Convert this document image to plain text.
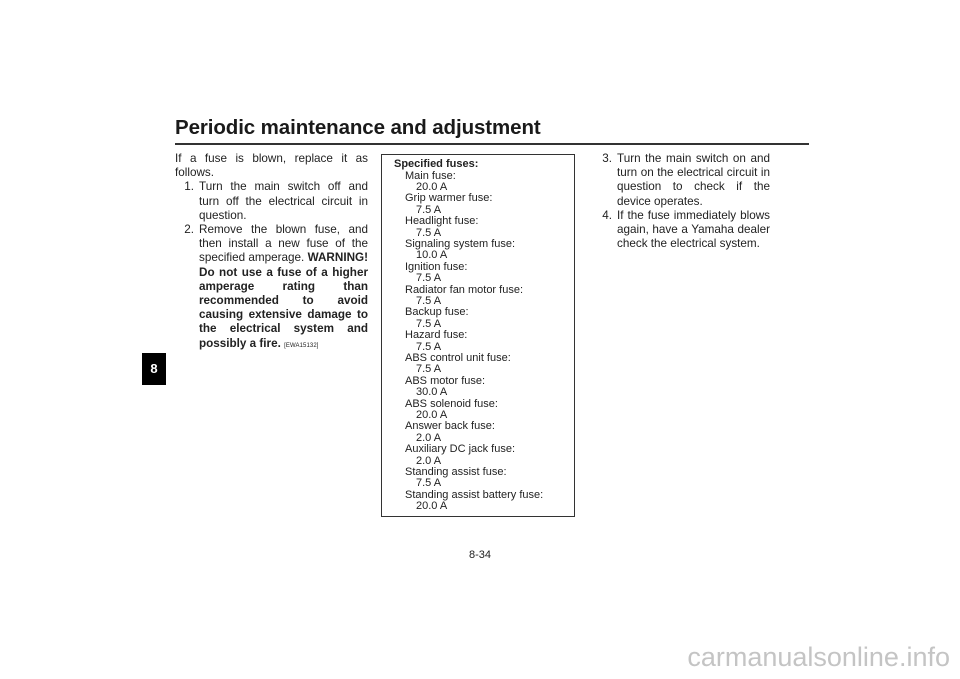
Periodic maintenance and adjustment
8
If a fuse is blown, replace it as follows.
1. Turn the main switch off and turn off the electrical circuit in question.
2. Remove the blown fuse, and then install a new fuse of the specified amperage. WARNING! Do not use a fuse of a higher amperage rating than recommended to avoid causing extensive damage to the electrical system and possibly a fire. [EWA15132]
Specified fuses:
Main fuse:
20.0 A
Grip warmer fuse:
7.5 A
Headlight fuse:
7.5 A
Signaling system fuse:
10.0 A
Ignition fuse:
7.5 A
Radiator fan motor fuse:
7.5 A
Backup fuse:
7.5 A
Hazard fuse:
7.5 A
ABS control unit fuse:
7.5 A
ABS motor fuse:
30.0 A
ABS solenoid fuse:
20.0 A
Answer back fuse:
2.0 A
Auxiliary DC jack fuse:
2.0 A
Standing assist fuse:
7.5 A
Standing assist battery fuse:
20.0 A
3. Turn the main switch on and turn on the electrical circuit in question to check if the device operates.
4. If the fuse immediately blows again, have a Yamaha dealer check the electrical system.
8-34
carmanualsonline.info
